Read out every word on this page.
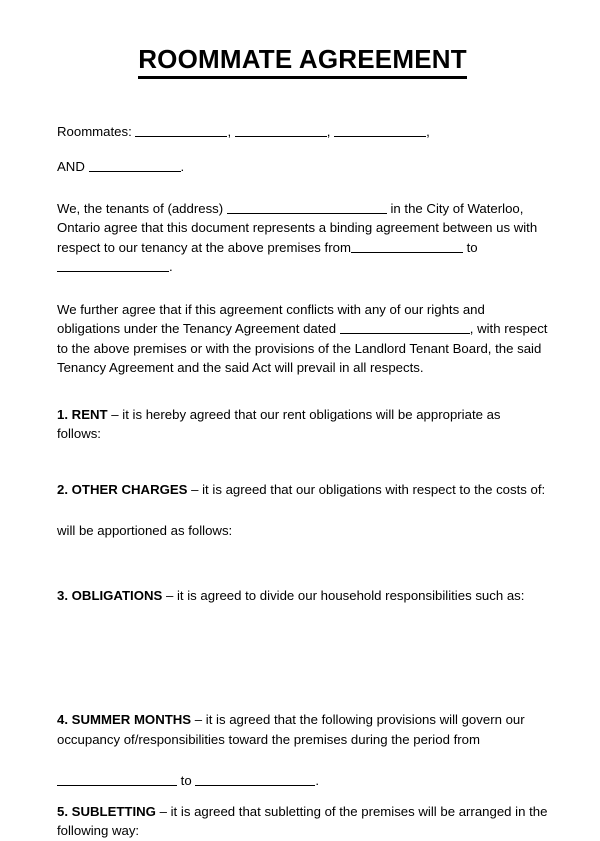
ROOMMATE AGREEMENT
Roommates:	,	,	,
AND	.
We, the tenants of (address)	in the City of Waterloo, Ontario agree that this document represents a binding agreement between us with respect to our tenancy at the above premises from	to .
We further agree that if this agreement conflicts with any of our rights and obligations under the Tenancy Agreement dated	, with respect to the above premises or with the provisions of the Landlord Tenant Board, the said Tenancy Agreement and the said Act will prevail in all respects.
1. RENT – it is hereby agreed that our rent obligations will be appropriate as follows:
2. OTHER CHARGES – it is agreed that our obligations with respect to the costs of:
will be apportioned as follows:
3. OBLIGATIONS – it is agreed to divide our household responsibilities such as:
4. SUMMER MONTHS – it is agreed that the following provisions will govern our occupancy of/responsibilities toward the premises during the period from
to	.
5. SUBLETTING – it is agreed that subletting of the premises will be arranged in the following way:
